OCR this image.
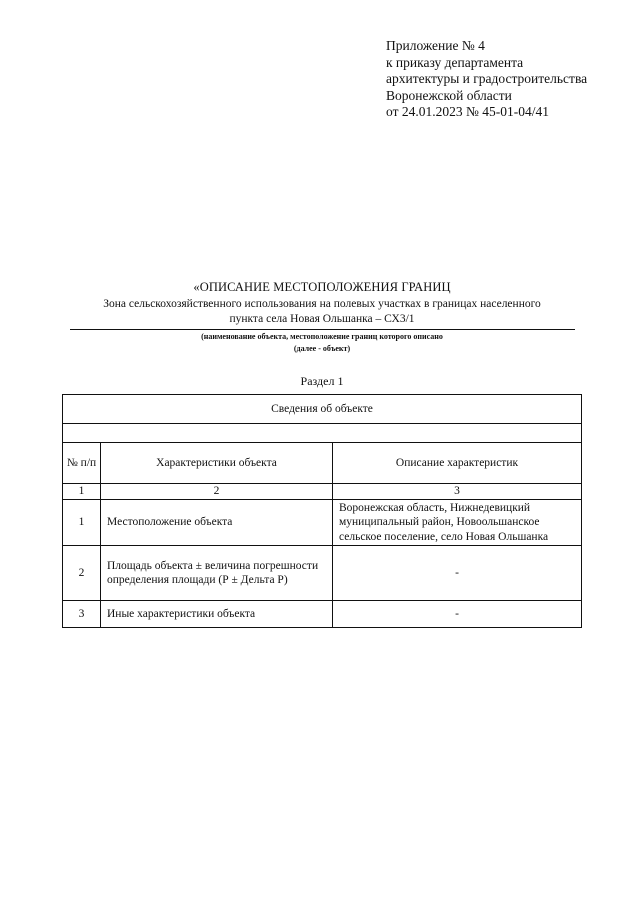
Приложение № 4
к приказу департамента
архитектуры и градостроительства
Воронежской области
от 24.01.2023 № 45-01-04/41
«ОПИСАНИЕ МЕСТОПОЛОЖЕНИЯ ГРАНИЦ
Зона сельскохозяйственного использования на полевых участках в границах населенного
пункта села Новая Ольшанка – СХ3/1
(наименование объекта, местоположение границ которого описано
(далее - объект)
Раздел 1
Сведения об объекте		

№ п/п	Характеристики объекта	Описание характеристик
1	2	3
1	Местоположение объекта	Воронежская область, Нижнедевицкий муниципальный район, Новоольшанское сельское поселение, село Новая Ольшанка
2	Площадь объекта ± величина погрешности определения площади (Р ± Дельта Р)	-
3	Иные характеристики объекта	-
